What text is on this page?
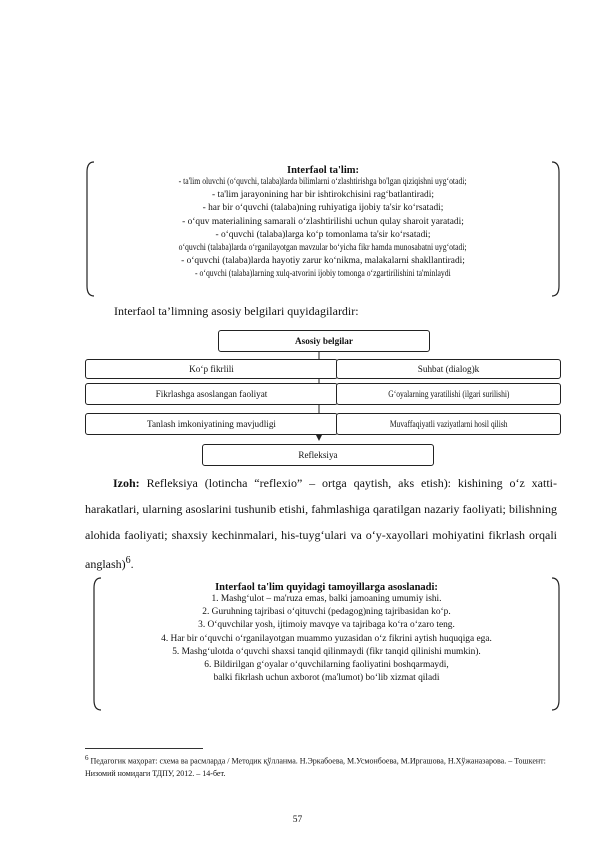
Interfaol ta'lim:
- ta'lim oluvchi (o‘quvchi, talaba)larda bilimlarni o‘zlashtirishga bo'lgan qiziqishni uyg‘otadi;
- ta'lim jarayonining har bir ishtirokchisini rag‘batlantiradi;
- har bir o‘quvchi (talaba)ning ruhiyatiga ijobiy ta'sir ko‘rsatadi;
- o‘quv materialining samarali o‘zlashtirilishi uchun qulay sharoit yaratadi;
- o‘quvchi (talaba)larga ko‘p tomonlama ta'sir ko‘rsatadi;
o‘quvchi (talaba)larda o‘rganilayotgan mavzular bo‘yicha fikr hamda munosabatni uyg‘otadi;
- o‘quvchi (talaba)larda hayotiy zarur ko‘nikma, malakalarni shakllantiradi;
- o‘quvchi (talaba)larning xulq-atvorini ijobiy tomonga o‘zgartirilishini ta'minlaydi
Interfaol ta’limning asosiy belgilari quyidagilardir:
Asosiy belgilar
Ko‘p fikrlili
Fikrlashga asoslangan faoliyat
Tanlash imkoniyatining mavjudligi
Suhbat (dialog)k
G‘oyalarning yaratilishi (ilgari surilishi)
Muvaffaqiyatli vaziyatlarni hosil qilish
Refleksiya
Izoh: Refleksiya (lotincha “reflexio” – ortga qaytish, aks etish): kishining o‘z xatti-harakatlari, ularning asoslarini tushunib etishi, fahmlashiga qaratilgan nazariy faoliyati; bilishning alohida faoliyati; shaxsiy kechinmalari, his-tuyg‘ulari va o‘y-xayollari mohiyatini fikrlash orqali anglash)$^6$.
Interfaol ta'lim quyidagi tamoyillarga asoslanadi:
1. Mashg‘ulot – ma'ruza emas, balki jamoaning umumiy ishi.
2. Guruhning tajribasi o‘qituvchi (pedagog)ning tajribasidan ko‘p.
3. O‘quvchilar yosh, ijtimoiy mavqye va tajribaga ko‘ra o‘zaro teng.
4. Har bir o‘quvchi o‘rganilayotgan muammo yuzasidan o‘z fikrini aytish huquqiga ega.
5. Mashg‘ulotda o‘quvchi shaxsi tanqid qilinmaydi (fikr tanqid qilinishi mumkin).
6. Bildirilgan g‘oyalar o‘quvchilarning faoliyatini boshqarmaydi,
balki fikrlash uchun axborot (ma'lumot) bo‘lib xizmat qiladi
$^6$ Педагогик маҳорат: схема ва расмларда / Методик қўлланма. Н.Эркабоева, М.Усмонбоева, М.Иргашова, Н.Хўжаназарова. – Тошкент: Низомий номидаги ТДПУ, 2012. – 14-бет.
57
